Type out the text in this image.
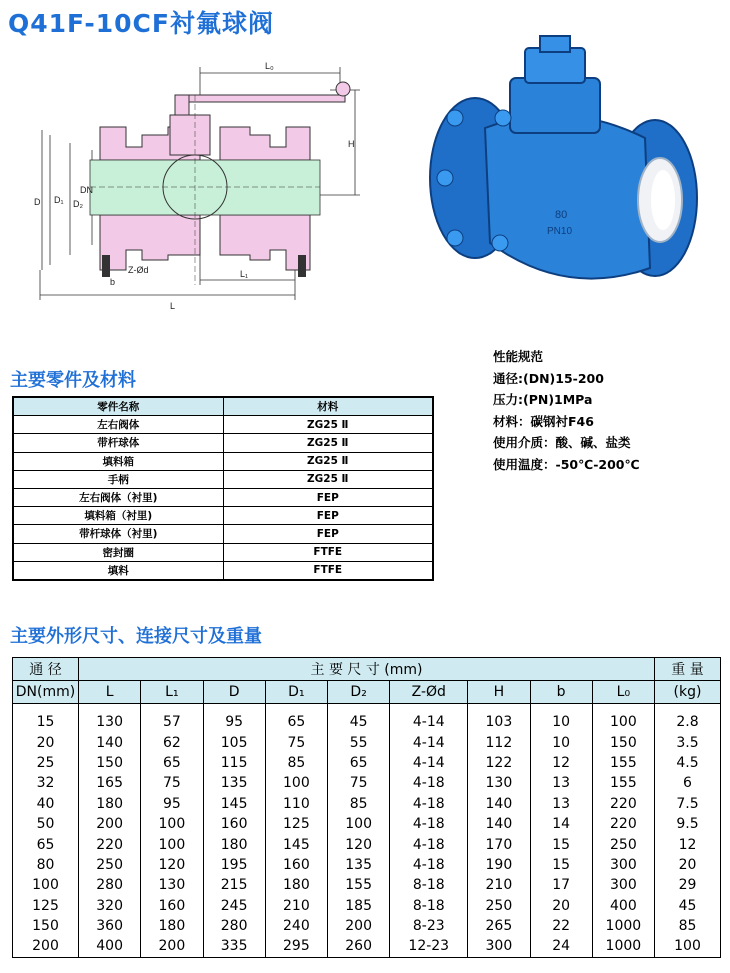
Q41F-10CF衬氟球阀
L₀
H
L₁
L
D D₁ D₂
DN
b
Z-Ød
80
PN10
性能规范
通径:(DN)15-200
压力:(PN)1MPa
材料：碳钢衬F46
使用介质：酸、碱、盐类
使用温度：-50℃-200℃
主要零件及材料
零件名称	材料
左右阀体	ZG25 Ⅱ
带杆球体	ZG25 Ⅱ
填料箱	ZG25 Ⅱ
手柄	ZG25 Ⅱ
左右阀体（衬里)	FEP
填料箱（衬里)	FEP
带杆球体（衬里)	FEP
密封圈	FTFE
填料	FTFE
主要外形尺寸、连接尺寸及重量
通 径	主 要 尺 寸 (mm)									重 量
DN(mm)	L	L₁	D	D₁	D₂	Z-Ød	H	b	L₀	(kg)
15	130	57	95	65	45	4-14	103	10	100	2.8
20	140	62	105	75	55	4-14	112	10	150	3.5
25	150	65	115	85	65	4-14	122	12	155	4.5
32	165	75	135	100	75	4-18	130	13	155	6
40	180	95	145	110	85	4-18	140	13	220	7.5
50	200	100	160	125	100	4-18	140	14	220	9.5
65	220	100	180	145	120	4-18	170	15	250	12
80	250	120	195	160	135	4-18	190	15	300	20
100	280	130	215	180	155	8-18	210	17	300	29
125	320	160	245	210	185	8-18	250	20	400	45
150	360	180	280	240	200	8-23	265	22	1000	85
200	400	200	335	295	260	12-23	300	24	1000	100
